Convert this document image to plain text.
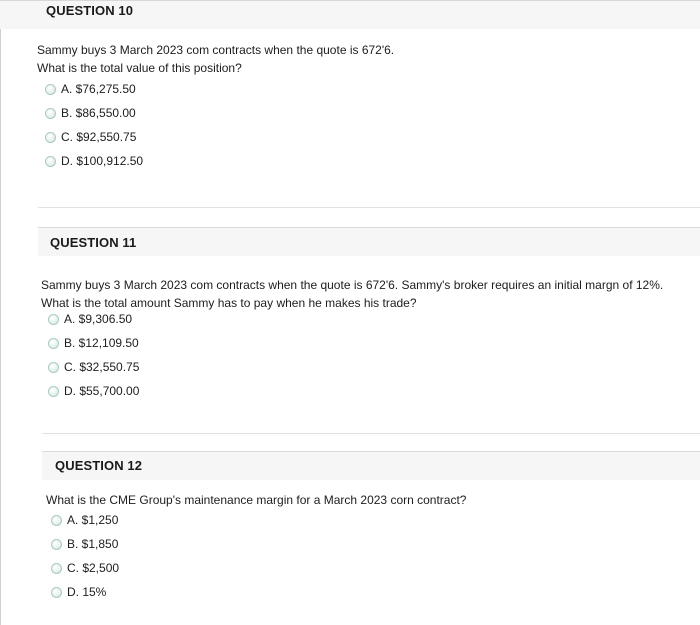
QUESTION 10
Sammy buys 3 March 2023 com contracts when the quote is 672'6.
What is the total value of this position?
A. $76,275.50
B. $86,550.00
C. $92,550.75
D. $100,912.50
QUESTION 11
Sammy buys 3 March 2023 com contracts when the quote is 672'6. Sammy's broker requires an initial margn of 12%.
What is the total amount Sammy has to pay when he makes his trade?
A. $9,306.50
B. $12,109.50
C. $32,550.75
D. $55,700.00
QUESTION 12
What is the CME Group's maintenance margin for a March 2023 corn contract?
A. $1,250
B. $1,850
C. $2,500
D. 15%
